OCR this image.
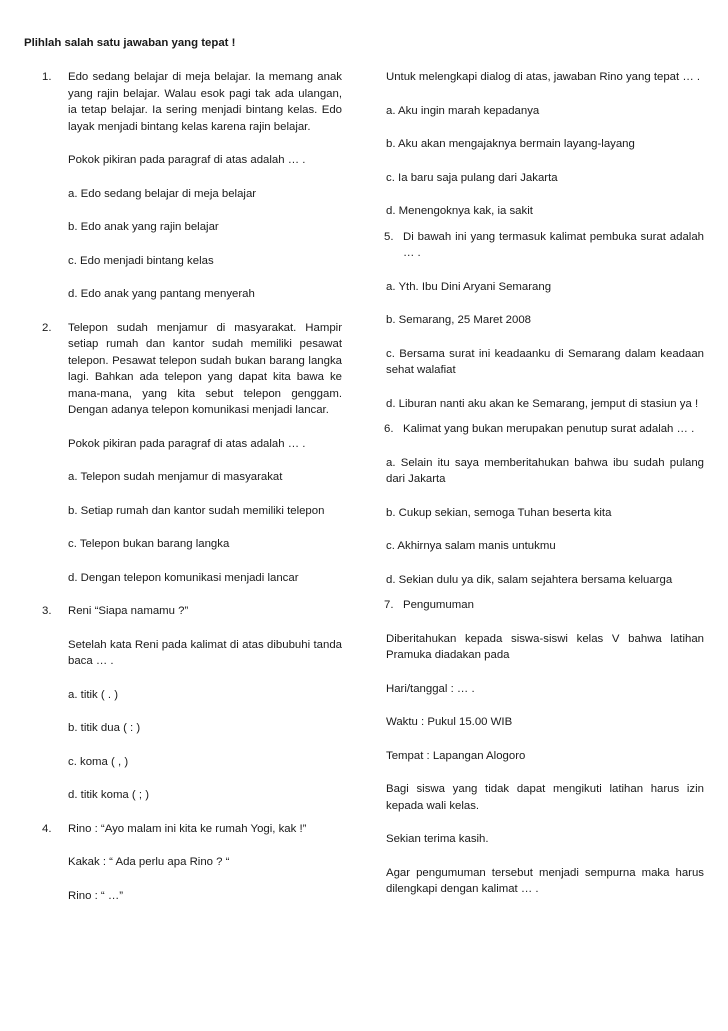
Plihlah salah satu jawaban yang tepat !
1. Edo sedang belajar di meja belajar. Ia memang anak yang rajin belajar. Walau esok pagi tak ada ulangan, ia tetap belajar. Ia sering menjadi bintang kelas. Edo layak menjadi bintang kelas karena rajin belajar.
Pokok pikiran pada paragraf di atas adalah … .
a. Edo sedang belajar di meja belajar
b. Edo anak yang rajin belajar
c. Edo menjadi bintang kelas
d. Edo anak yang pantang menyerah
2. Telepon sudah menjamur di masyarakat. Hampir setiap rumah dan kantor sudah memiliki pesawat telepon. Pesawat telepon sudah bukan barang langka lagi. Bahkan ada telepon yang dapat kita bawa ke mana-mana, yang kita sebut telepon genggam. Dengan adanya telepon komunikasi menjadi lancar.
Pokok pikiran pada paragraf di atas adalah … .
a. Telepon sudah menjamur di masyarakat
b. Setiap rumah dan kantor sudah memiliki telepon
c. Telepon bukan barang langka
d. Dengan telepon komunikasi menjadi lancar
3. Reni “Siapa namamu ?”
Setelah kata Reni pada kalimat di atas dibubuhi tanda baca … .
a. titik ( . )
b. titik dua ( : )
c. koma ( , )
d. titik koma ( ; )
4. Rino : “Ayo malam ini kita ke rumah Yogi, kak !”
Kakak : “ Ada perlu apa Rino ? “
Rino : “ …”
Untuk melengkapi dialog di atas, jawaban Rino yang tepat … .
a. Aku ingin marah kepadanya
b. Aku akan mengajaknya bermain layang-layang
c. Ia baru saja pulang dari Jakarta
d. Menengoknya kak, ia sakit
5. Di bawah ini yang termasuk kalimat pembuka surat adalah … .
a. Yth. Ibu Dini Aryani Semarang
b. Semarang, 25 Maret 2008
c. Bersama surat ini keadaanku di Semarang dalam keadaan sehat walafiat
d. Liburan nanti aku akan ke Semarang, jemput di stasiun ya !
6. Kalimat yang bukan merupakan penutup surat adalah … .
a. Selain itu saya memberitahukan bahwa ibu sudah pulang dari Jakarta
b. Cukup sekian, semoga Tuhan beserta kita
c. Akhirnya salam manis untukmu
d. Sekian dulu ya dik, salam sejahtera bersama keluarga
7. Pengumuman
Diberitahukan kepada siswa-siswi kelas V bahwa latihan Pramuka diadakan pada
Hari/tanggal : … .
Waktu : Pukul 15.00 WIB
Tempat : Lapangan Alogoro
Bagi siswa yang tidak dapat mengikuti latihan harus izin kepada wali kelas.
Sekian terima kasih.
Agar pengumuman tersebut menjadi sempurna maka harus dilengkapi dengan kalimat … .
